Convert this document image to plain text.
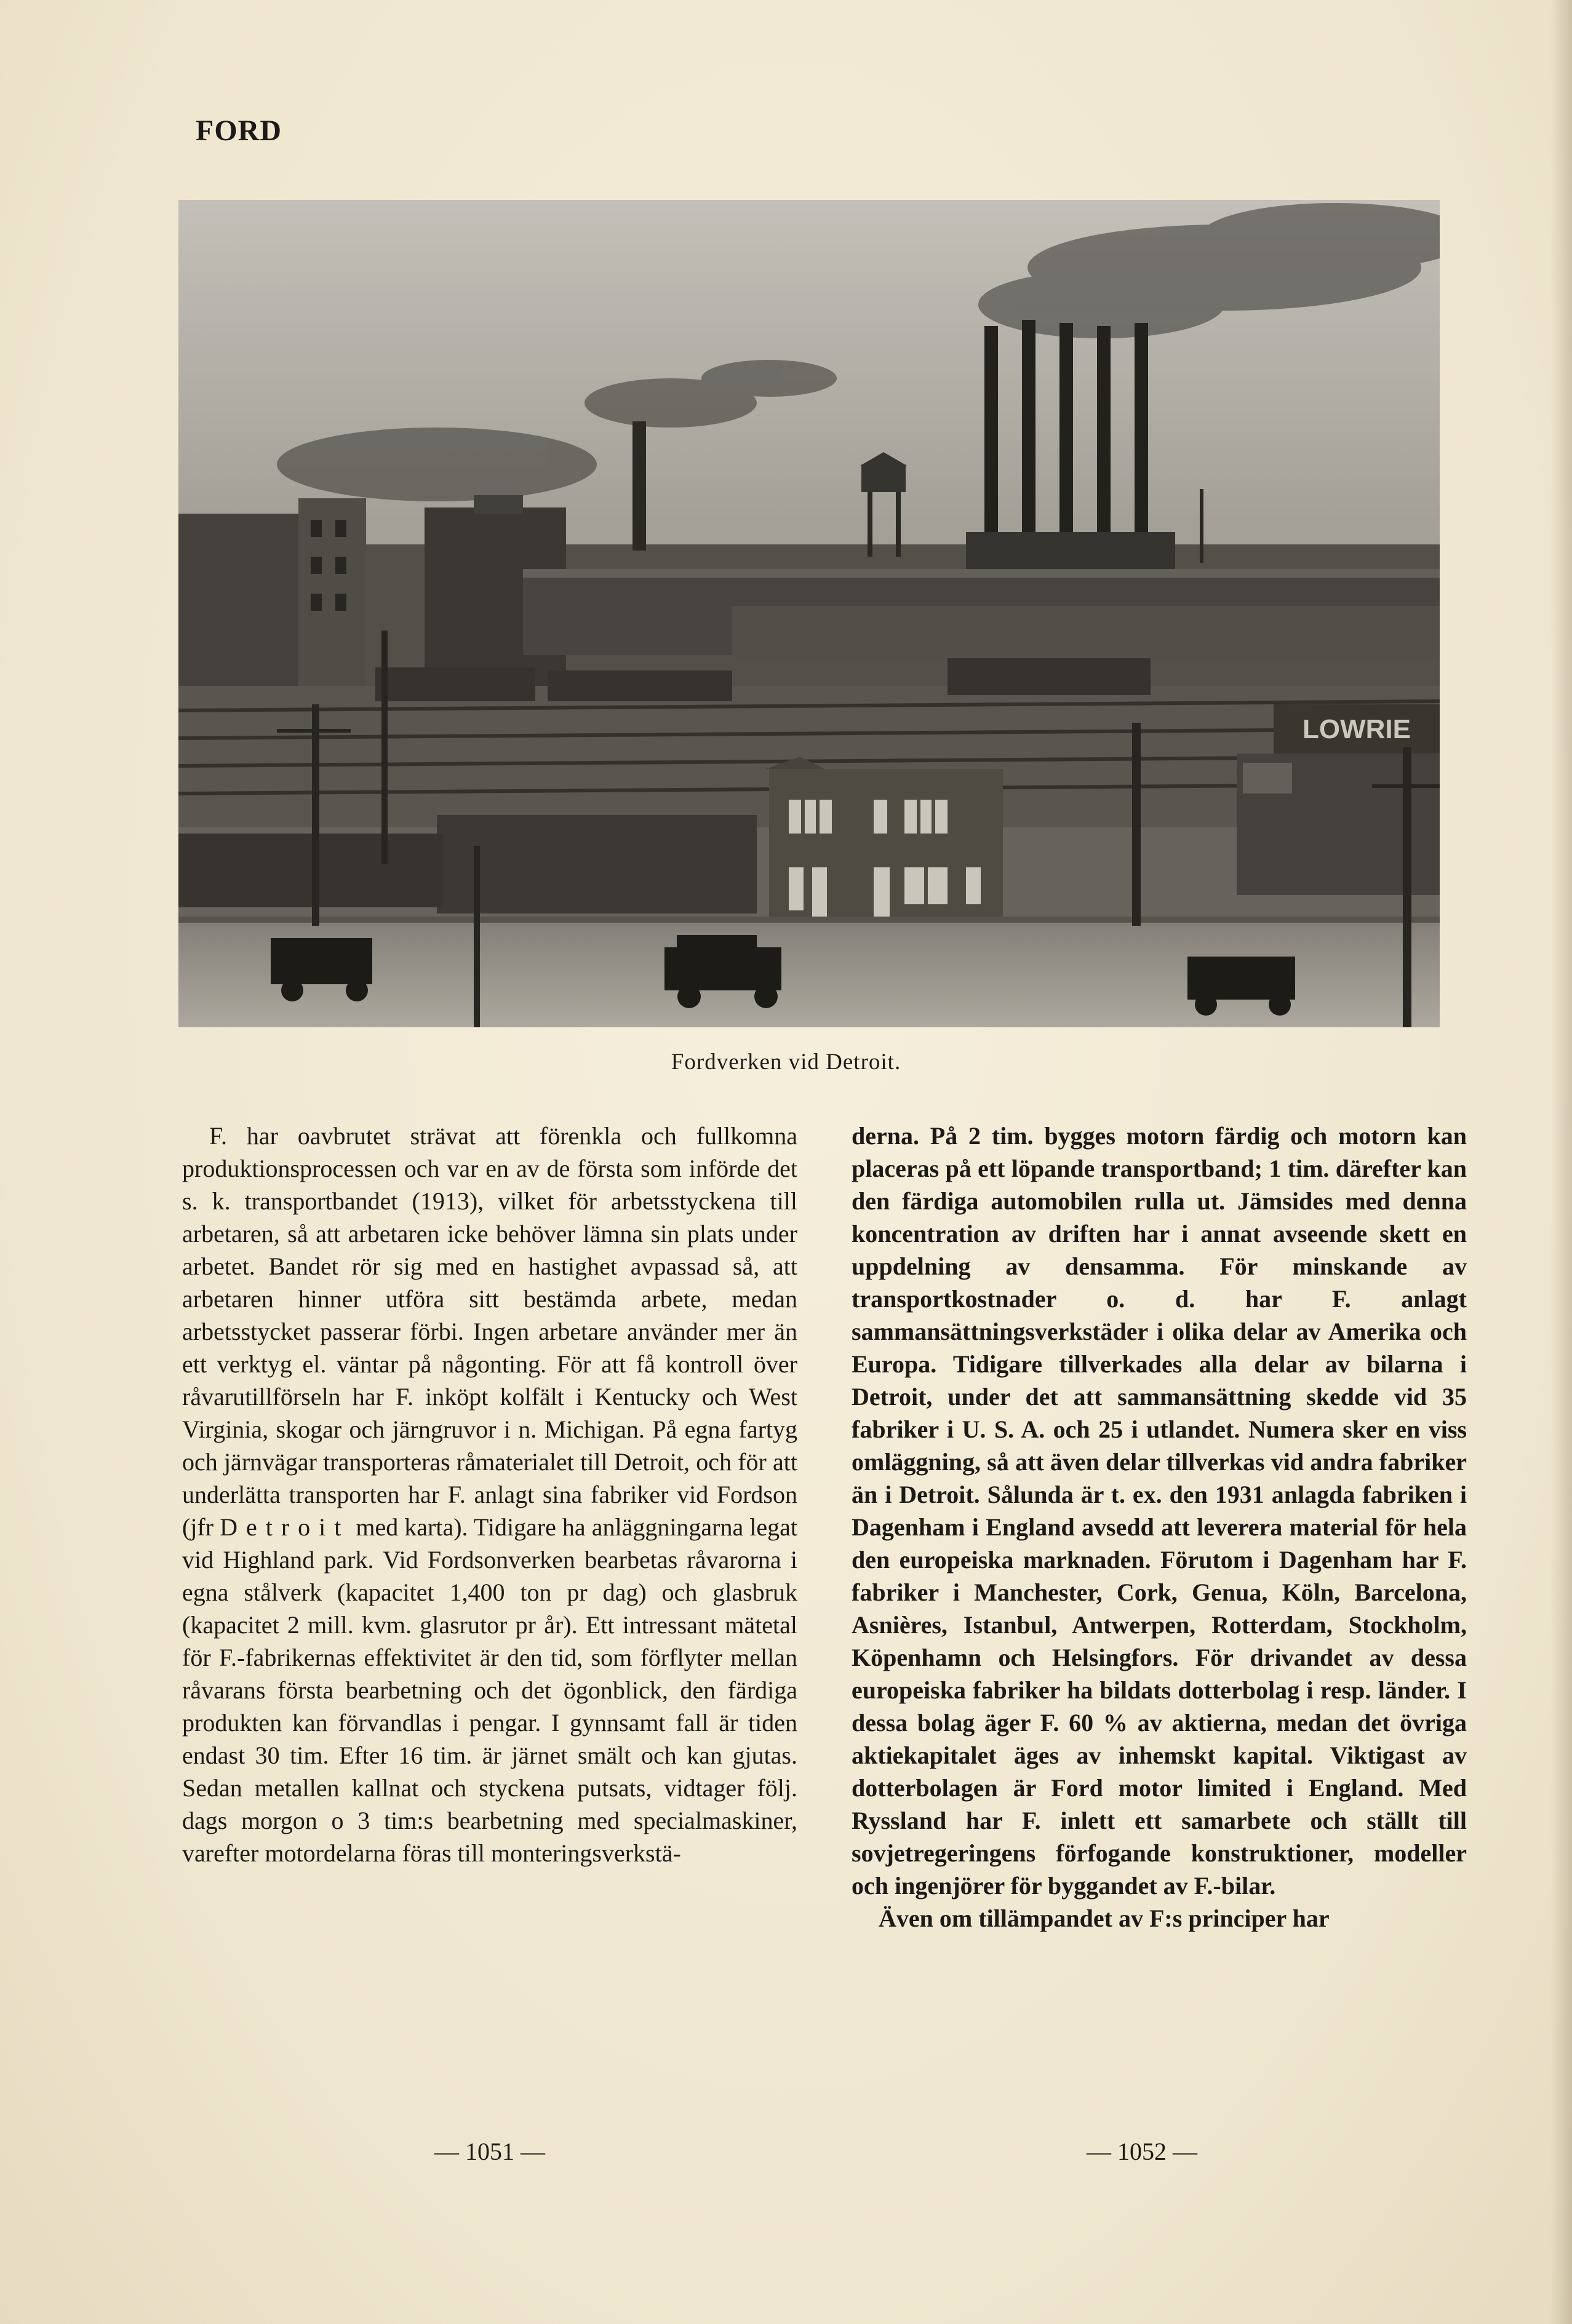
FORD
LOWRIE
Fordverken vid Detroit.

F. har oavbrutet strävat att förenkla och fullkomna produktionsprocessen och var en av de första som införde det s. k. transportbandet (1913), vilket för arbetsstyckena till arbetaren, så att arbetaren icke behöver lämna sin plats under arbetet. Bandet rör sig med en hastighet avpassad så, att arbetaren hinner utföra sitt bestämda arbete, medan arbetsstycket passerar förbi. Ingen arbetare använder mer än ett verktyg el. väntar på någonting. För att få kontroll över råvarutillförseln har F. inköpt kolfält i Kentucky och West Virginia, skogar och järngruvor i n. Michigan. På egna fartyg och järnvägar transporteras råmaterialet till Detroit, och för att underlätta transporten har F. anlagt sina fabriker vid Fordson (jfr Detroit med karta). Tidigare ha anläggningarna legat vid Highland park. Vid Fordsonverken bearbetas råvarorna i egna stålverk (kapacitet 1,400 ton pr dag) och glasbruk (kapacitet 2 mill. kvm. glasrutor pr år). Ett intressant mätetal för F.-fabrikernas effektivitet är den tid, som förflyter mellan råvarans första bearbetning och det ögonblick, den färdiga produkten kan förvandlas i pengar. I gynnsamt fall är tiden endast 30 tim. Efter 16 tim. är järnet smält och kan gjutas. Sedan metallen kallnat och styckena putsats, vidtager följ. dags morgon o 3 tim:s bearbetning med specialmaskiner, varefter motordelarna föras till monteringsverkstä-

derna. På 2 tim. bygges motorn färdig och motorn kan placeras på ett löpande transportband; 1 tim. därefter kan den färdiga automobilen rulla ut. Jämsides med denna koncentration av driften har i annat avseende skett en uppdelning av densamma. För minskande av transportkostnader o. d. har F. anlagt sammansättningsverkstäder i olika delar av Amerika och Europa. Tidigare tillverkades alla delar av bilarna i Detroit, under det att sammansättning skedde vid 35 fabriker i U. S. A. och 25 i utlandet. Numera sker en viss omläggning, så att även delar tillverkas vid andra fabriker än i Detroit. Sålunda är t. ex. den 1931 anlagda fabriken i Dagenham i England avsedd att leverera material för hela den europeiska marknaden. Förutom i Dagenham har F. fabriker i Manchester, Cork, Genua, Köln, Barcelona, Asnières, Istanbul, Antwerpen, Rotterdam, Stockholm, Köpenhamn och Helsingfors. För drivandet av dessa europeiska fabriker ha bildats dotterbolag i resp. länder. I dessa bolag äger F. 60 % av aktierna, medan det övriga aktiekapitalet äges av inhemskt kapital. Viktigast av dotterbolagen är Ford motor limited i England. Med Ryssland har F. inlett ett samarbete och ställt till sovjetregeringens förfogande konstruktioner, modeller och ingenjörer för byggandet av F.-bilar.

Även om tillämpandet av F:s principer har

— 1051 —	— 1052 —
